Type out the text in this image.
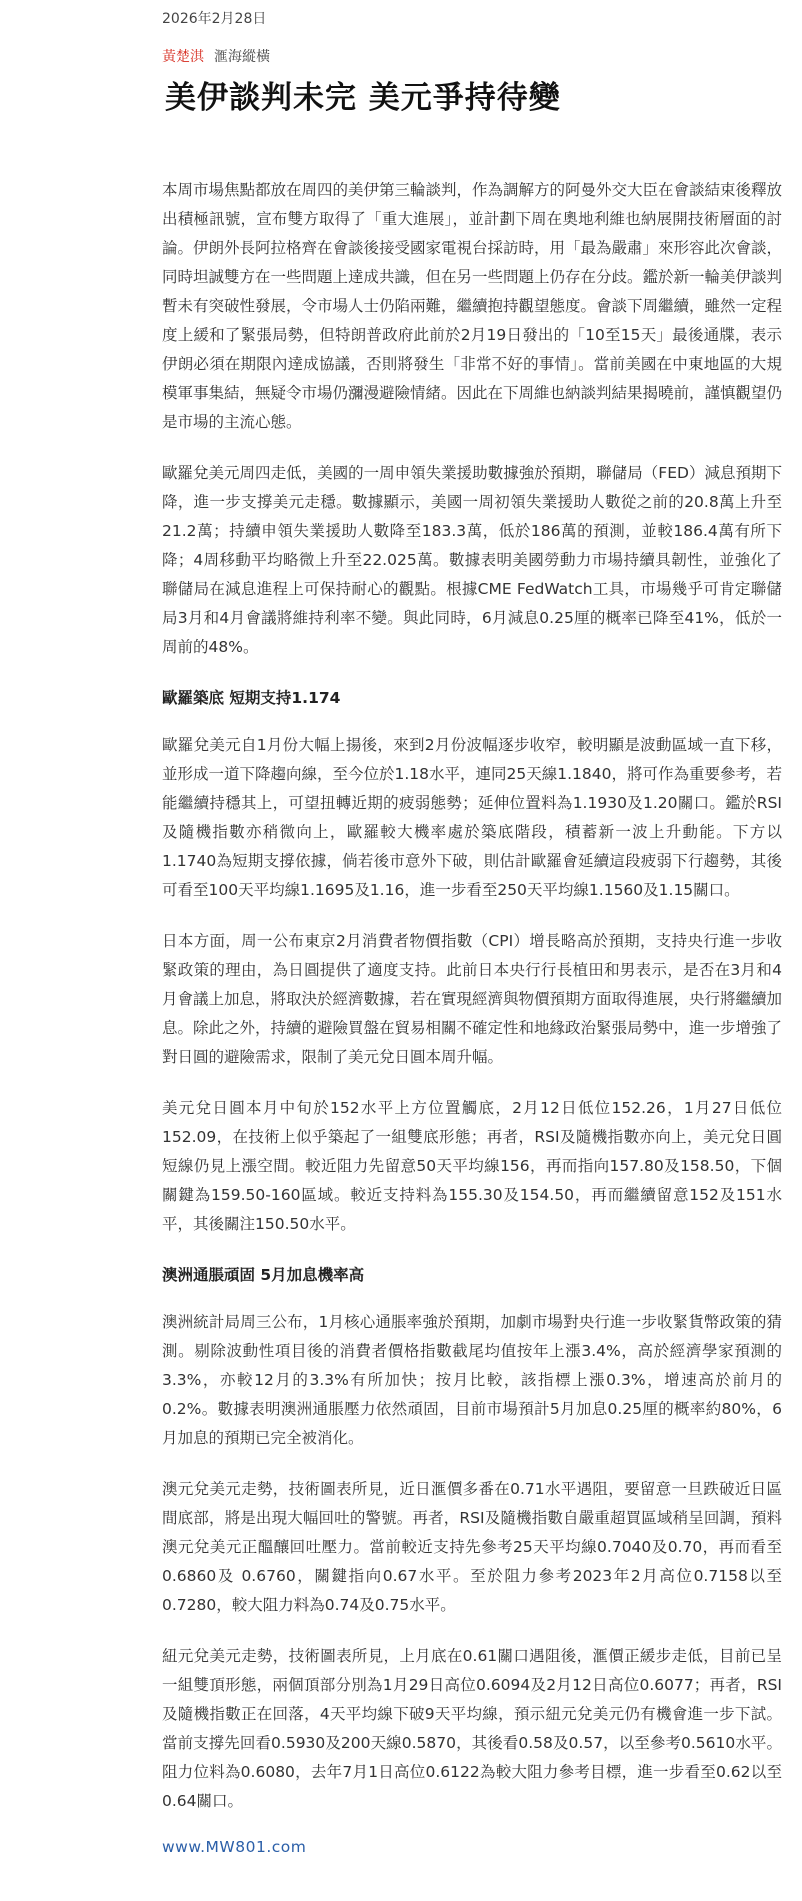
2026年2月28日
黃楚淇 滙海縱橫
美伊談判未完 美元爭持待變

本周市場焦點都放在周四的美伊第三輪談判，作為調解方的阿曼外交大臣在會談結束後釋放出積極訊號，宣布雙方取得了「重大進展」，並計劃下周在奧地利維也納展開技術層面的討論。伊朗外長阿拉格齊在會談後接受國家電視台採訪時，用「最為嚴肅」來形容此次會談，同時坦誠雙方在一些問題上達成共識，但在另一些問題上仍存在分歧。鑑於新一輪美伊談判暫未有突破性發展，令市場人士仍陷兩難，繼續抱持觀望態度。會談下周繼續，雖然一定程度上緩和了緊張局勢，但特朗普政府此前於2月19日發出的「10至15天」最後通牒，表示伊朗必須在期限內達成協議，否則將發生「非常不好的事情」。當前美國在中東地區的大規模軍事集結，無疑令市場仍瀰漫避險情緒。因此在下周維也納談判結果揭曉前，謹慎觀望仍是市場的主流心態。

歐羅兌美元周四走低，美國的一周申領失業援助數據強於預期，聯儲局（FED）減息預期下降，進一步支撐美元走穩。數據顯示，美國一周初領失業援助人數從之前的20.8萬上升至21.2萬；持續申領失業援助人數降至183.3萬，低於186萬的預測，並較186.4萬有所下降；4周移動平均略微上升至22.025萬。數據表明美國勞動力市場持續具韌性，並強化了聯儲局在減息進程上可保持耐心的觀點。根據CME FedWatch工具，市場幾乎可肯定聯儲局3月和4月會議將維持利率不變。與此同時，6月減息0.25厘的概率已降至41%，低於一周前的48%。

歐羅築底 短期支持1.174

歐羅兌美元自1月份大幅上揚後，來到2月份波幅逐步收窄，較明顯是波動區域一直下移，並形成一道下降趨向線，至今位於1.18水平，連同25天線1.1840，將可作為重要參考，若能繼續持穩其上，可望扭轉近期的疲弱態勢；延伸位置料為1.1930及1.20關口。鑑於RSI及隨機指數亦稍微向上，歐羅較大機率處於築底階段，積蓄新一波上升動能。下方以1.1740為短期支撐依據，倘若後市意外下破，則估計歐羅會延續這段疲弱下行趨勢，其後可看至100天平均線1.1695及1.16，進一步看至250天平均線1.1560及1.15關口。

日本方面，周一公布東京2月消費者物價指數（CPI）增長略高於預期，支持央行進一步收緊政策的理由，為日圓提供了適度支持。此前日本央行行長植田和男表示，是否在3月和4月會議上加息，將取決於經濟數據，若在實現經濟與物價預期方面取得進展，央行將繼續加息。除此之外，持續的避險買盤在貿易相關不確定性和地緣政治緊張局勢中，進一步增強了對日圓的避險需求，限制了美元兌日圓本周升幅。

美元兌日圓本月中旬於152水平上方位置觸底，2月12日低位152.26，1月27日低位152.09，在技術上似乎築起了一組雙底形態；再者，RSI及隨機指數亦向上，美元兌日圓短線仍見上漲空間。較近阻力先留意50天平均線156，再而指向157.80及158.50，下個關鍵為159.50-160區域。較近支持料為155.30及154.50，再而繼續留意152及151水平，其後關注150.50水平。

澳洲通脹頑固 5月加息機率高

澳洲統計局周三公布，1月核心通脹率強於預期，加劇市場對央行進一步收緊貨幣政策的猜測。剔除波動性項目後的消費者價格指數截尾均值按年上漲3.4%，高於經濟學家預測的3.3%，亦較12月的3.3%有所加快；按月比較，該指標上漲0.3%，增速高於前月的0.2%。數據表明澳洲通脹壓力依然頑固，目前市場預計5月加息0.25厘的概率約80%，6月加息的預期已完全被消化。

澳元兌美元走勢，技術圖表所見，近日滙價多番在0.71水平遇阻，要留意一旦跌破近日區間底部，將是出現大幅回吐的警號。再者，RSI及隨機指數自嚴重超買區域稍呈回調，預料澳元兌美元正醞釀回吐壓力。當前較近支持先參考25天平均線0.7040及0.70，再而看至0.6860及 0.6760，關鍵指向0.67水平。至於阻力參考2023年2月高位0.7158以至0.7280，較大阻力料為0.74及0.75水平。

紐元兌美元走勢，技術圖表所見，上月底在0.61關口遇阻後，滙價正緩步走低，目前已呈一組雙頂形態，兩個頂部分別為1月29日高位0.6094及2月12日高位0.6077；再者，RSI及隨機指數正在回落，4天平均線下破9天平均線，預示紐元兌美元仍有機會進一步下試。當前支撐先回看0.5930及200天線0.5870，其後看0.58及0.57，以至參考0.5610水平。阻力位料為0.6080，去年7月1日高位0.6122為較大阻力參考目標，進一步看至0.62以至0.64關口。

www.MW801.com
